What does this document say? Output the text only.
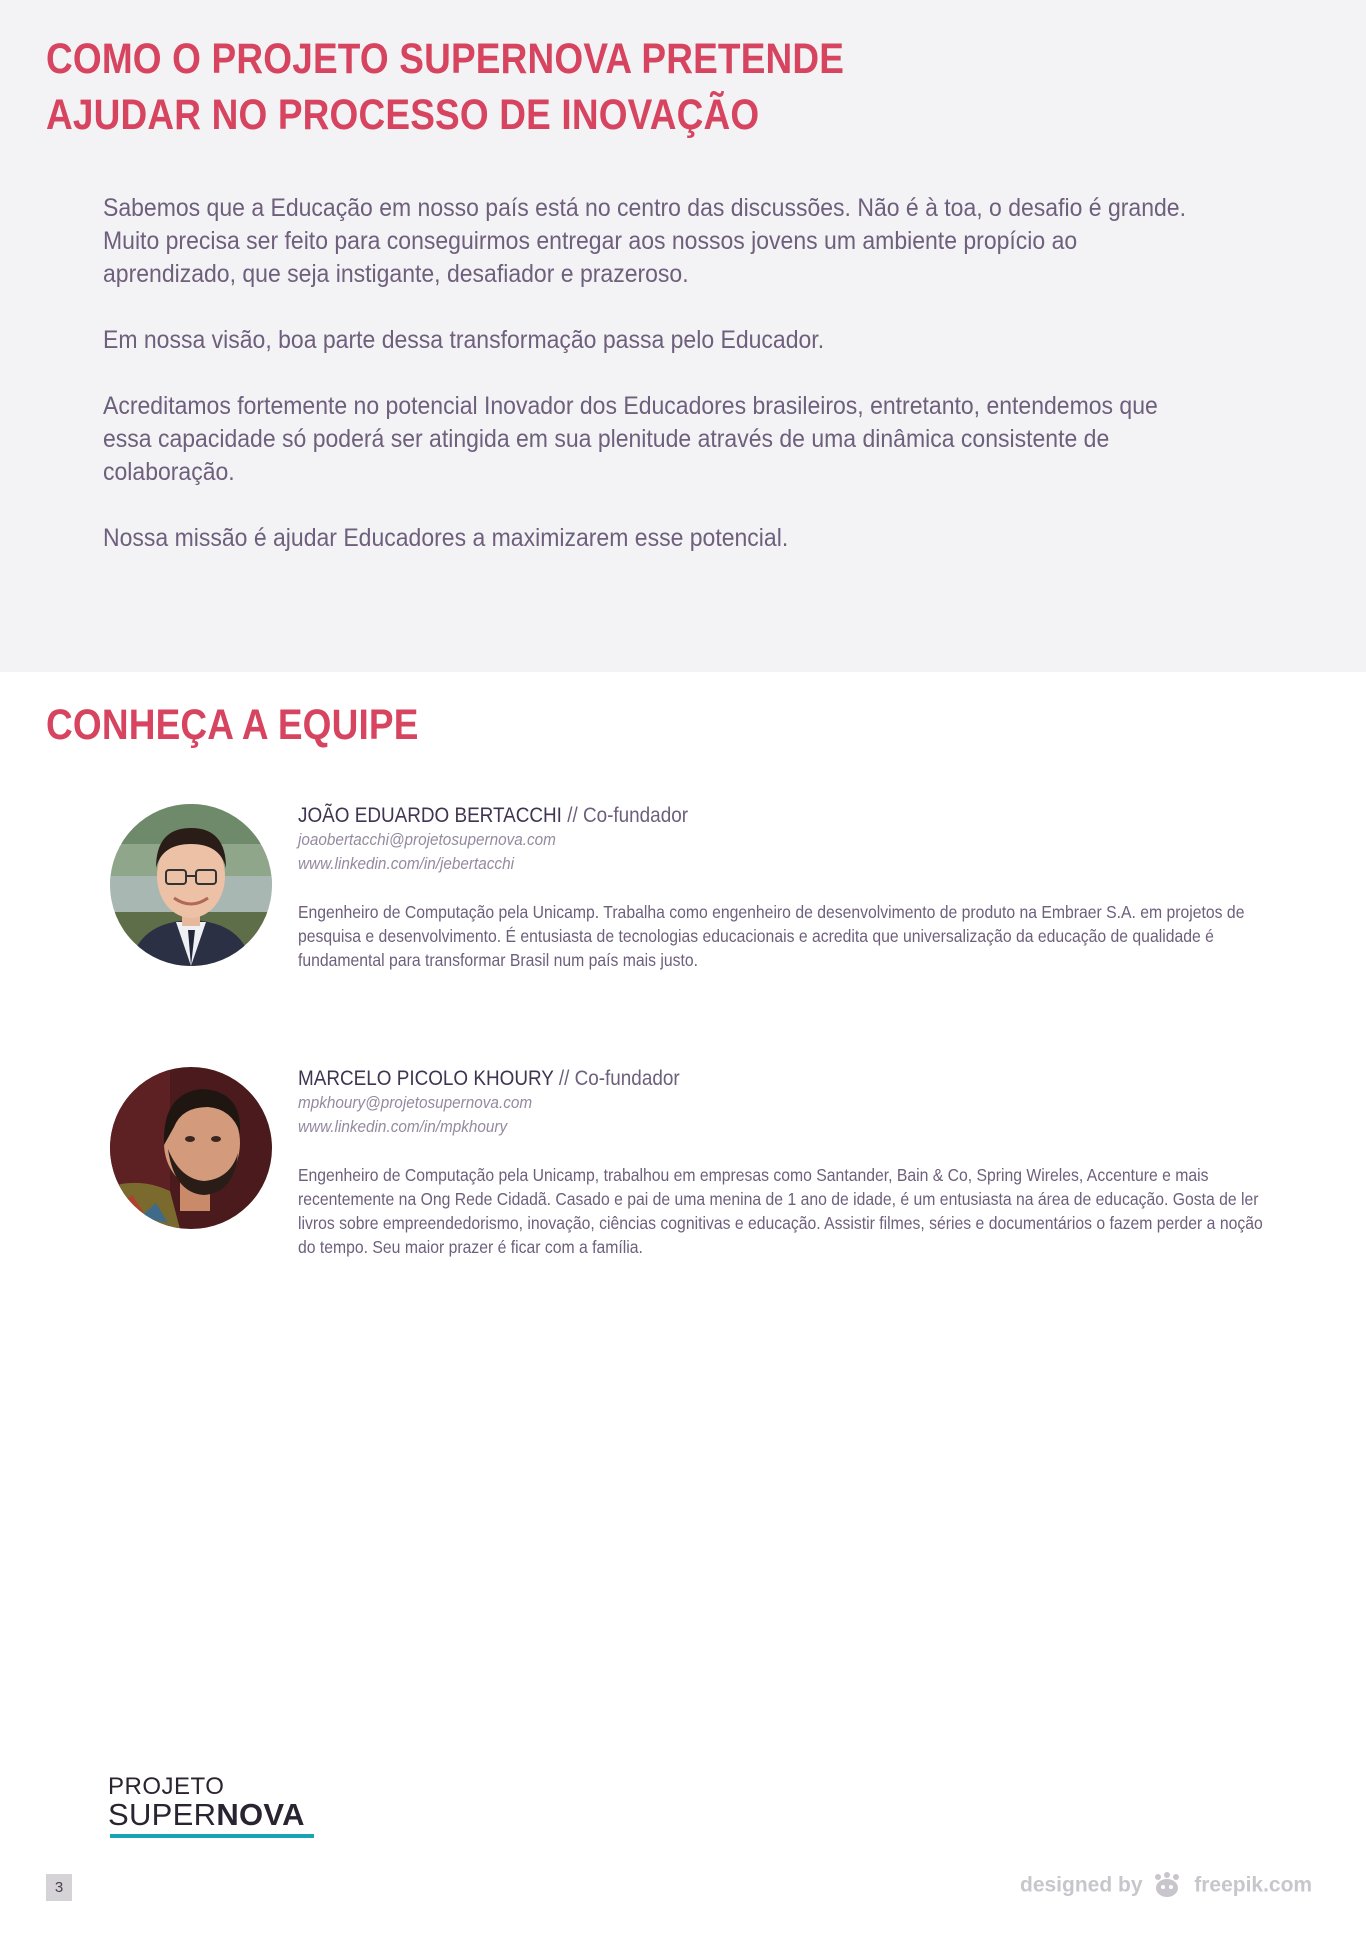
COMO O PROJETO SUPERNOVA PRETENDE
AJUDAR NO PROCESSO DE INOVAÇÃO

Sabemos que a Educação em nosso país está no centro das discussões. Não é à toa, o desafio é grande. Muito precisa ser feito para conseguirmos entregar aos nossos jovens um ambiente propício ao aprendizado, que seja instigante, desafiador e prazeroso.

Em nossa visão, boa parte dessa transformação passa pelo Educador.

Acreditamos fortemente no potencial Inovador dos Educadores brasileiros, entretanto, entendemos que essa capacidade só poderá ser atingida em sua plenitude através de uma dinâmica consistente de colaboração.

Nossa missão é ajudar Educadores a maximizarem esse potencial.

CONHEÇA A EQUIPE

JOÃO EDUARDO BERTACCHI // Co-fundador

joaobertacchi@projetosupernova.com

www.linkedin.com/in/jebertacchi

Engenheiro de Computação pela Unicamp. Trabalha como engenheiro de desenvolvimento de produto na Embraer S.A. em projetos de pesquisa e desenvolvimento. É entusiasta de tecnologias educacionais e acredita que universalização da educação de qualidade é fundamental para transformar Brasil num país mais justo.

MARCELO PICOLO KHOURY // Co-fundador

mpkhoury@projetosupernova.com

www.linkedin.com/in/mpkhoury

Engenheiro de Computação pela Unicamp, trabalhou em empresas como Santander, Bain & Co, Spring Wireles, Accenture e mais recentemente na Ong Rede Cidadã. Casado e pai de uma menina de 1 ano de idade, é um entusiasta na área de educação. Gosta de ler livros sobre empreendedorismo, inovação, ciências cognitivas e educação. Assistir filmes, séries e documentários o fazem perder a noção do tempo. Seu maior prazer é ficar com a família.

PROJETO
SUPERNOVA
3	designed by freepik.com
